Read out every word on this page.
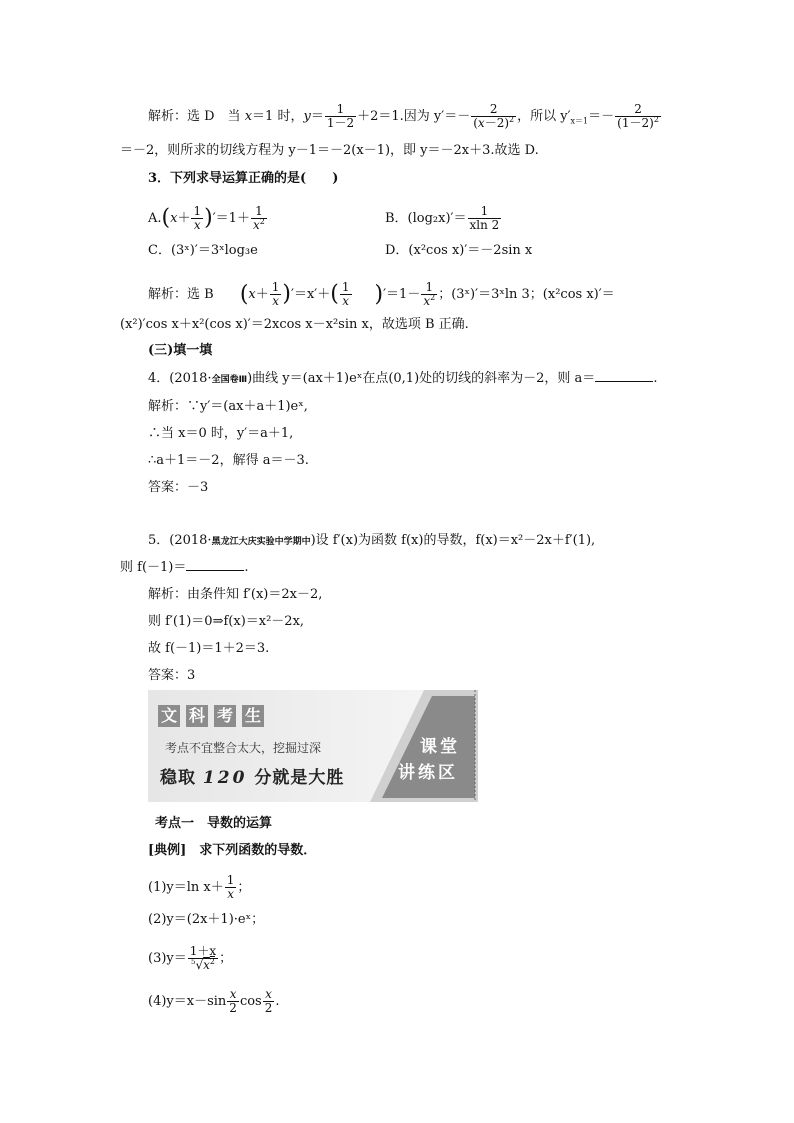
解析：选 D　当 x＝1 时，$y= \frac{1}{1-2} +2=1$.因为 $y'=- \frac{2}{(x-2)^2}$ ，所以 $y'_{x=1}=- \frac{2}{(1-2)^2}$
＝－2，则所求的切线方程为 y－1＝－2(x－1)，即 y＝－2x＋3.故选 D.
3．下列求导运算正确的是(　　)
$A.(x+ \frac{1}{x} )'=1+ \frac{1}{x^2}$	B．$(\log_2x)'= \frac{1}{xln 2}$
C．(3ˣ)′＝3ˣlog₃e	D．(x²cos x)′＝－2sin x
解析：选 B $(x+ \frac{1}{x} )'=x'+( \frac{1}{x} )'=1- \frac{1}{x^2}$ ；(3ˣ)′＝3ˣln 3；(x²cos x)′＝
(x²)′cos x＋x²(cos x)′＝2xcos x－x²sin x，故选项 B 正确.
(三)填一填
4．(2018·全国卷Ⅲ)曲线 y＝(ax＋1)eˣ在点(0,1)处的切线的斜率为－2，则 a＝	.
解析：∵y′＝(ax＋a＋1)eˣ,
∴当 x＝0 时，y′＝a＋1,
∴a＋1＝－2，解得 a＝－3.
答案：－3
5．(2018·黑龙江大庆实验中学期中)设 f′(x)为函数 f(x)的导数，f(x)＝x²－2x＋f′(1),
则 f(－1)＝	.
解析：由条件知 f′(x)＝2x－2,
则 f′(1)＝0⇒f(x)＝x²－2x,
故 f(－1)＝1＋2＝3.
答案：3
文 科 考 生
考点不宜整合太大，挖掘过深
稳取 120 分就是大胜
课堂
讲练区
考点一　导数的运算
[典例]　求下列函数的导数．
(1)y＝ln $x+ \frac{1}{x}$ ；
(2)y＝(2x＋1)·eˣ；
$(3)y= \frac{1+x}{^5√x^2}$ ；
$(4)y=x-\sin \frac{x}{2}$ $\cos \frac{x}{2}$ .
